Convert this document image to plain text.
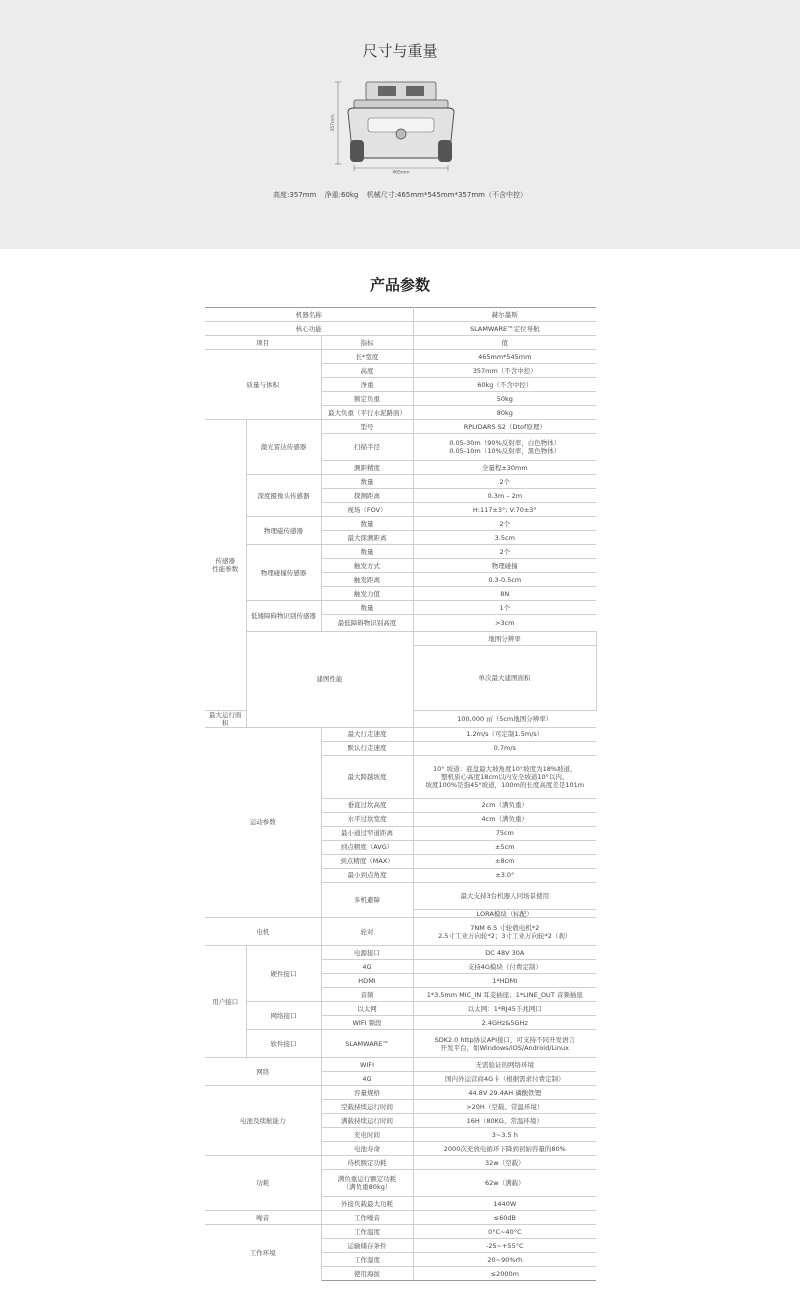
尺寸与重量
357mm
465mm
高度:357mm 净重:60kg 机械尺寸:465mm*545mm*357mm（不含中控）
产品参数
机器名称			赫尔墨斯	
核心功能			SLAMWARE™定位导航	
项目		指标	值	
质量与体积		长*宽度	465mm*545mm	
		高度	357mm（不含中控）	
		净重	60kg（不含中控）	
		额定负重	50kg	
		最大负重（平行水泥路面）	80kg	
传感器
性能参数	激光雷达传感器	型号	RPLIDARS S2（Dtof原理）	
		扫描半径	0.05-30m（90%反射率，白色物体）
0.05-10m（10%反射率，黑色物体）	
		测距精度	全量程±30mm	
	深度摄像头传感器	数量	2个	
		探测距离	0.3m – 2m	
		视场（FOV）	H:117±3°; V:70±3°	
	物理磁传感器	数量	2个	
		最大探测距离	3.5cm	
	物理碰撞传感器	数量	2个	
		触发方式	物理碰撞	
		触发距离	0.3-0.5cm	
		触发力值	8N	
	低矮障碍物识别传感器	数量	1个	
		最低障碍物识别高度	>3cm	
	建图性能		地图分辨率	
			单次最大建图面积	
最大运行面积			100,000 ㎡（5cm地图分辨率）	
运动参数		最大行走速度	1.2m/s（可定制1.5m/s）	
		默认行走速度	0.7m/s	
		最大跨越坡度	10° 坡道：底盘最大坡角度10°坡度为18%坡道，
整机质心高度18cm以内安全坡道10°以内。
坡度100%是指45°坡道，100m的长度高度差是101m	
		垂直过坎高度	2cm（满负重）	
		水平过坎宽度	4cm（满负重）	
		最小通过窄道距离	75cm	
		到点精度（AVG）	±5cm	
		到点精度（MAX）	±8cm	
		最小到点角度	±3.0°	
		多机避障	最大支持3台机器人同场景使用	
			LORA模块（标配）	

电机		轮对	7NM 6.5 寸轮毂电机*2
2.5寸工业万向轮*2；3寸工业万向轮*2（刹）	
用户接口	硬件接口	电源接口	DC 48V 30A	
		4G	支持4G模块（付费定制）	
		HDMI	1*HDMI	
		音频	1*3.5mm MIC_IN 耳麦插座；1*LINE_OUT 音频插座	
	网络接口	以太网	以太网：1*RJ45千兆网口	
		WIFI 频段	2.4GHz&5GHz	
	软件接口	SLAMWARE™	SDK2.0 http协议API接口，可支持不同开发语言
开发平台，如Windows/iOS/Android/Linux	

网络		WIFI	无需验证的网络环境	
		4G	国内外运营商4G卡（根据需求付费定制）	
电池及续航能力		容量规格	44.8V 29.4AH 磷酸铁锂	
		空载持续运行时间	>20H（空载、常温环境）	
		满载持续运行时间	16H（80KG、常温环境）	
		充电时间	3~3.5 h	
		电池寿命	2000次充放电循环下降到初始容量的80%	
功耗		待机额定功耗	32w（空载）	
		满负重运行额定功耗
（满负重80kg）	62w（满载）	
		外接负载最大功耗	1440W	
噪音		工作噪音	≤60dB	
工作环境		工作温度	0°C~40°C	
		运输储存条件	-25~+55°C	
		工作湿度	20~90%rh	
		使用海拔	≤2000m	
